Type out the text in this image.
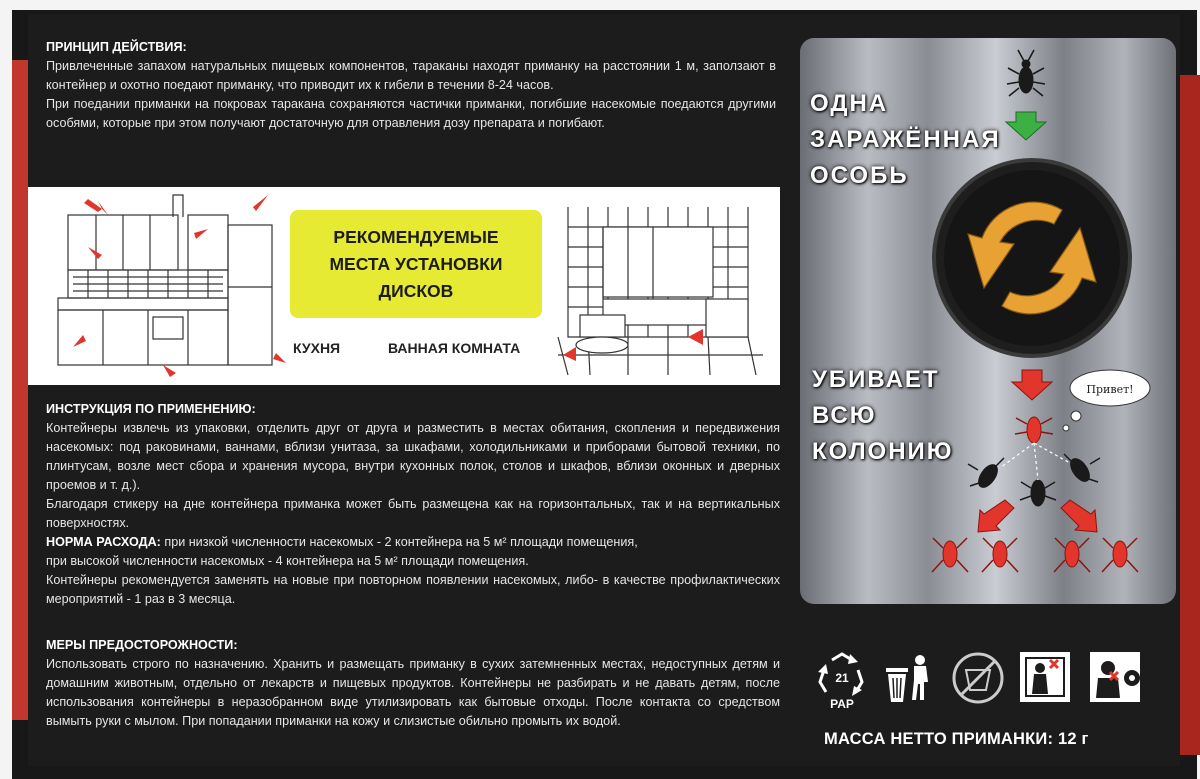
ПРИНЦИП ДЕЙСТВИЯ:
Привлеченные запахом натуральных пищевых компонентов, тараканы находят приманку на расстоянии 1 м, заползают в контейнер и охотно поедают приманку, что приводит их к гибели в течении 8-24 часов.
При поедании приманки на покровах таракана сохраняются частички приманки, погибшие насекомые поедаются другими особями, которые при этом получают достаточную для отравления дозу препарата и погибают.
РЕКОМЕНДУЕМЫЕ
МЕСТА УСТАНОВКИ
ДИСКОВ
КУХНЯ	ВАННАЯ КОМНАТА
ИНСТРУКЦИЯ ПО ПРИМЕНЕНИЮ:
Контейнеры извлечь из упаковки, отделить друг от друга и разместить в местах обитания, скопления и передвижения насекомых: под раковинами, ваннами, вблизи унитаза, за шкафами, холодильниками и приборами бытовой техники, по плинтусам, возле мест сбора и хранения мусора, внутри кухонных полок, столов и шкафов, вблизи оконных и дверных проемов и т. д.).
Благодаря стикеру на дне контейнера приманка может быть размещена как на горизонтальных, так и на вертикальных поверхностях.
НОРМА РАСХОДА: при низкой численности насекомых - 2 контейнера на 5 м² площади помещения,
при высокой численности насекомых - 4 контейнера на 5 м² площади помещения.
Контейнеры рекомендуется заменять на новые при повторном появлении насекомых, либо- в качестве профилактических мероприятий - 1 раз в 3 месяца.
МЕРЫ ПРЕДОСТОРОЖНОСТИ:
Использовать строго по назначению. Хранить и размещать приманку в сухих затемненных местах, недоступных детям и домашним животным, отдельно от лекарств и пищевых продуктов. Контейнеры не разбирать и не давать детям, после использования контейнеры в неразобранном виде утилизировать как бытовые отходы. После контакта со средством вымыть руки с мылом. При попадании приманки на кожу и слизистые обильно промыть их водой.
Привет!
ОДНА
ЗАРАЖЁННАЯ
ОСОБЬ
УБИВАЕТ
ВСЮ
КОЛОНИЮ
21
PAP
МАССА НЕТТО ПРИМАНКИ: 12 г
